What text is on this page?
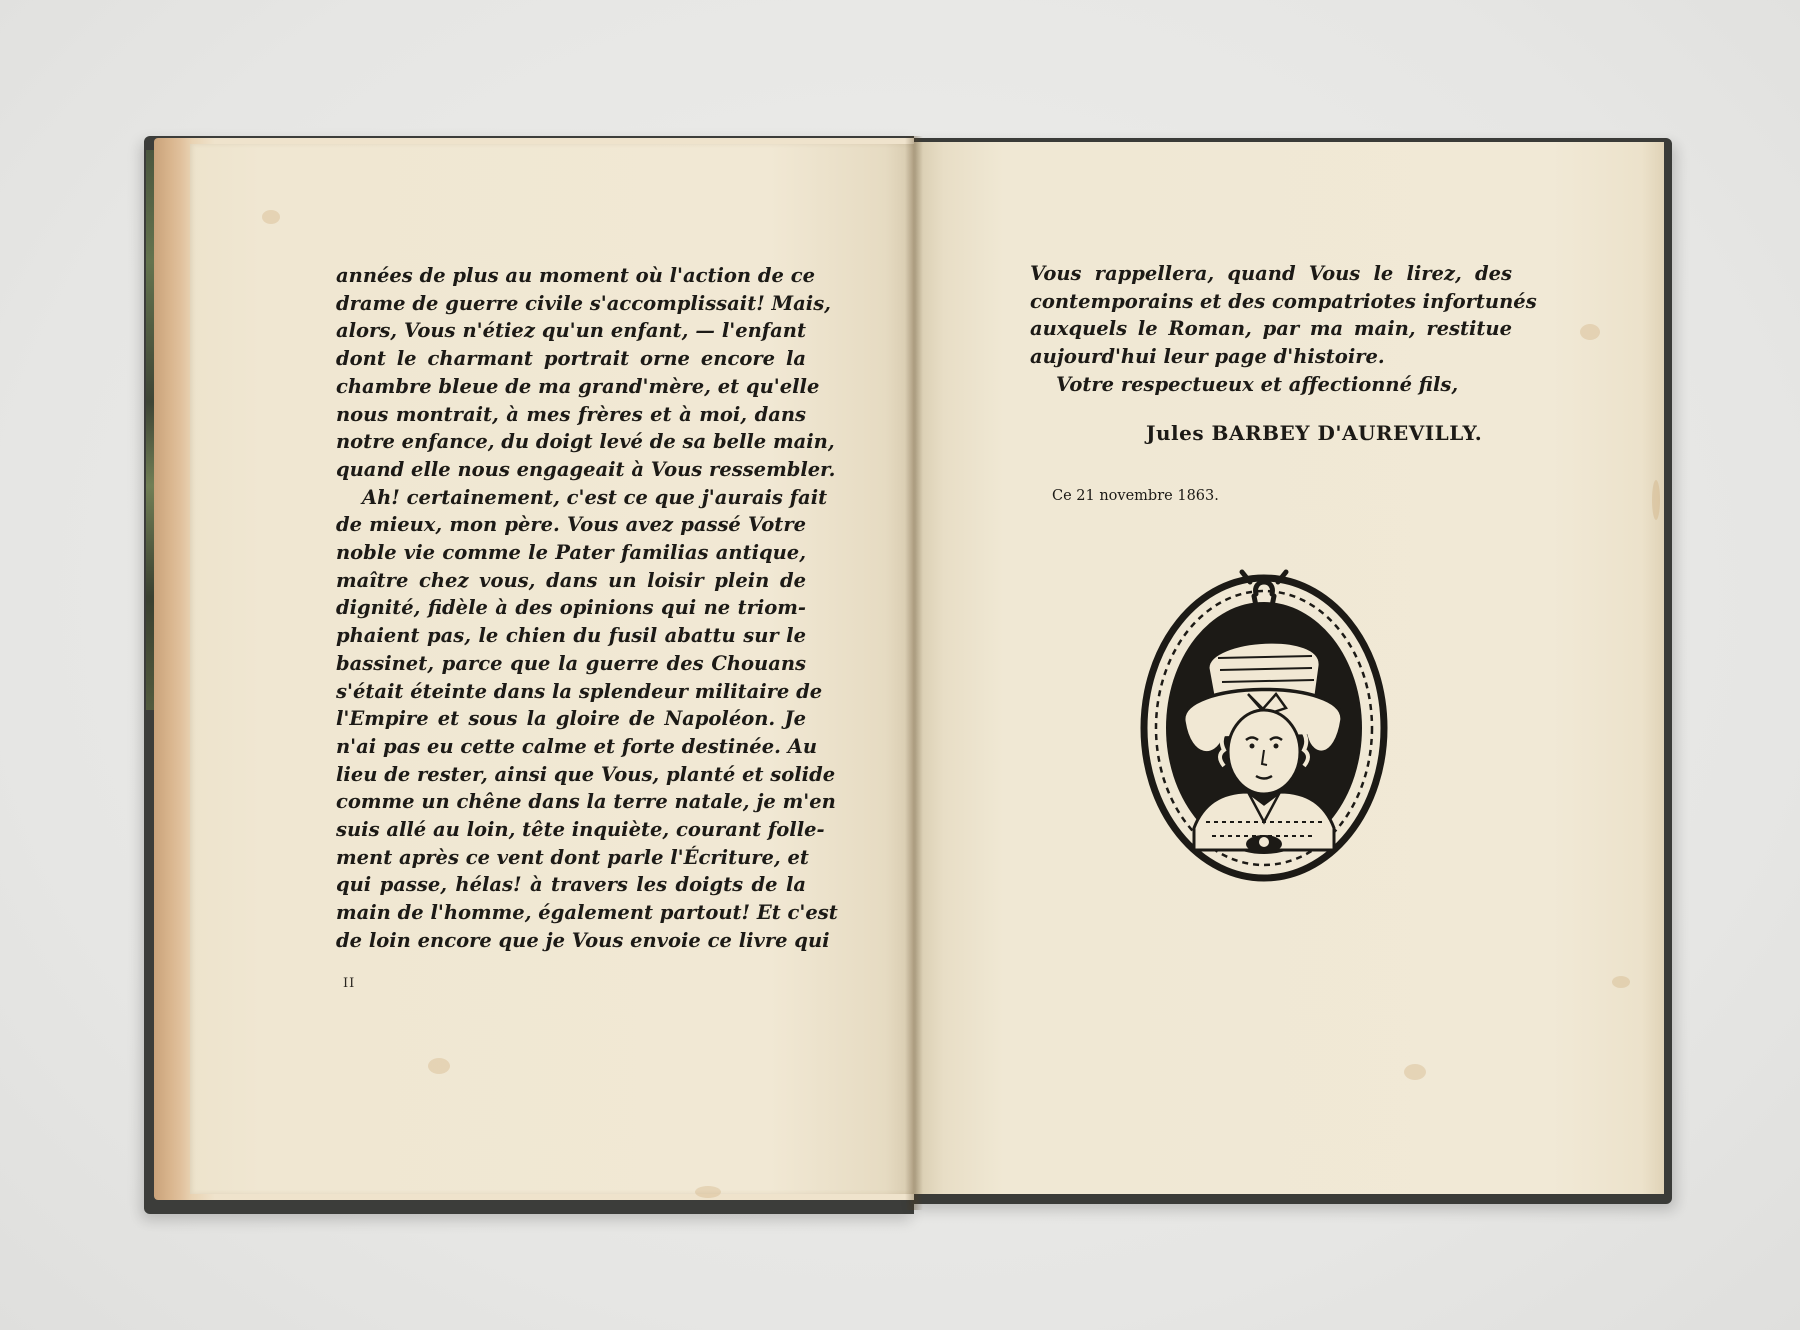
années de plus au moment où l'action de ce
drame de guerre civile s'accomplissait! Mais,
alors, Vous n'étiez qu'un enfant, — l'enfant
dont le charmant portrait orne encore la
chambre bleue de ma grand'mère, et qu'elle
nous montrait, à mes frères et à moi, dans
notre enfance, du doigt levé de sa belle main,
quand elle nous engageait à Vous ressembler.
Ah! certainement, c'est ce que j'aurais fait
de mieux, mon père. Vous avez passé Votre
noble vie comme le Pater familias antique,
maître chez vous, dans un loisir plein de
dignité, fidèle à des opinions qui ne triom-
phaient pas, le chien du fusil abattu sur le
bassinet, parce que la guerre des Chouans
s'était éteinte dans la splendeur militaire de
l'Empire et sous la gloire de Napoléon. Je
n'ai pas eu cette calme et forte destinée. Au
lieu de rester, ainsi que Vous, planté et solide
comme un chêne dans la terre natale, je m'en
suis allé au loin, tête inquiète, courant folle-
ment après ce vent dont parle l'Écriture, et
qui passe, hélas! à travers les doigts de la
main de l'homme, également partout! Et c'est
de loin encore que je Vous envoie ce livre qui
II
Vous rappellera, quand Vous le lirez, des
contemporains et des compatriotes infortunés
auxquels le Roman, par ma main, restitue
aujourd'hui leur page d'histoire.
Votre respectueux et affectionné fils,
Jules BARBEY D'AUREVILLY.
Ce 21 novembre 1863.
